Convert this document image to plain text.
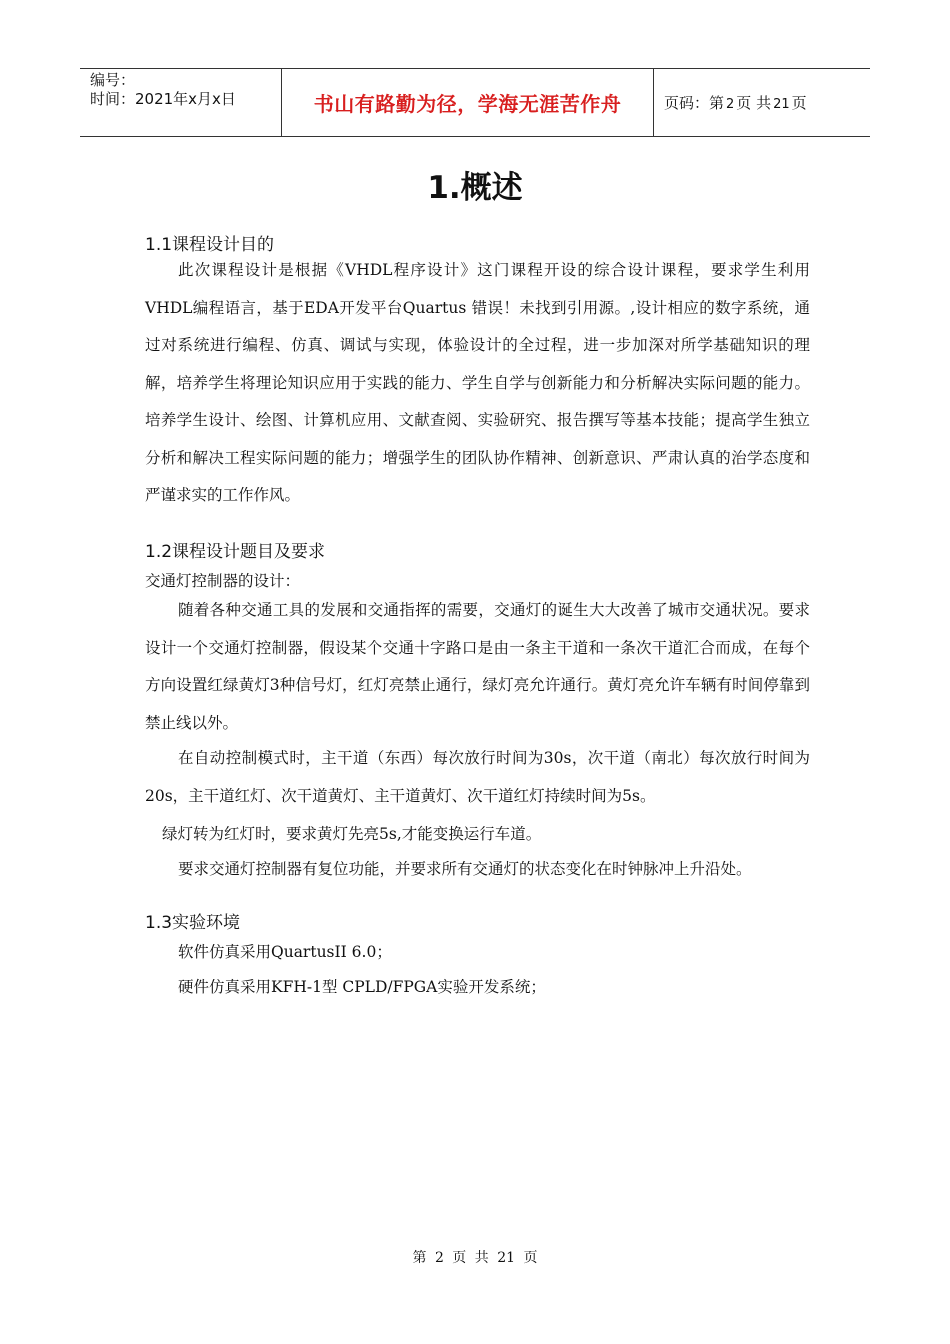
编号：
时间：2021年x月x日	书山有路勤为径，学海无涯苦作舟	页码：第 2 页 共 21 页
1.概述
1.1课程设计目的

此次课程设计是根据《VHDL程序设计》这门课程开设的综合设计课程，要求学生利用VHDL编程语言，基于EDA开发平台Quartus 错误！未找到引用源。,设计相应的数字系统，通过对系统进行编程、仿真、调试与实现，体验设计的全过程，进一步加深对所学基础知识的理解，培养学生将理论知识应用于实践的能力、学生自学与创新能力和分析解决实际问题的能力。培养学生设计、绘图、计算机应用、文献查阅、实验研究、报告撰写等基本技能；提高学生独立分析和解决工程实际问题的能力；增强学生的团队协作精神、创新意识、严肃认真的治学态度和严谨求实的工作作风。

1.2课程设计题目及要求

交通灯控制器的设计：

随着各种交通工具的发展和交通指挥的需要，交通灯的诞生大大改善了城市交通状况。要求设计一个交通灯控制器，假设某个交通十字路口是由一条主干道和一条次干道汇合而成，在每个方向设置红绿黄灯3种信号灯，红灯亮禁止通行，绿灯亮允许通行。黄灯亮允许车辆有时间停靠到禁止线以外。

在自动控制模式时，主干道（东西）每次放行时间为30s，次干道（南北）每次放行时间为20s，主干道红灯、次干道黄灯、主干道黄灯、次干道红灯持续时间为5s。

绿灯转为红灯时，要求黄灯先亮5s,才能变换运行车道。

要求交通灯控制器有复位功能，并要求所有交通灯的状态变化在时钟脉冲上升沿处。

1.3实验环境

软件仿真采用QuartusII 6.0；

硬件仿真采用KFH-1型 CPLD/FPGA实验开发系统；

第 2 页 共 21 页
